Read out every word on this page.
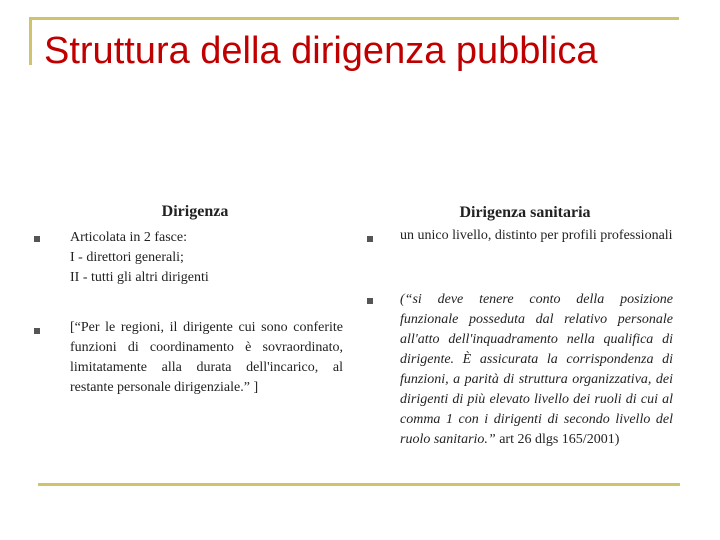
Struttura della dirigenza pubblica
Dirigenza
Articolata in 2 fasce:
I - direttori generali;
II - tutti gli altri dirigenti
[“Per le regioni, il dirigente cui sono conferite funzioni di coordinamento è sovraordinato, limitatamente alla durata dell'incarico, al restante personale dirigenziale.” ]
Dirigenza sanitaria
un unico livello, distinto per profili professionali
(“si deve tenere conto della posizione funzionale posseduta dal relativo personale all'atto dell'inquadramento nella qualifica di dirigente. È assicurata la corrispondenza di funzioni, a parità di struttura organizzativa, dei dirigenti di più elevato livello dei ruoli di cui al comma 1 con i dirigenti di secondo livello del ruolo sanitario.” art 26 dlgs 165/2001)
